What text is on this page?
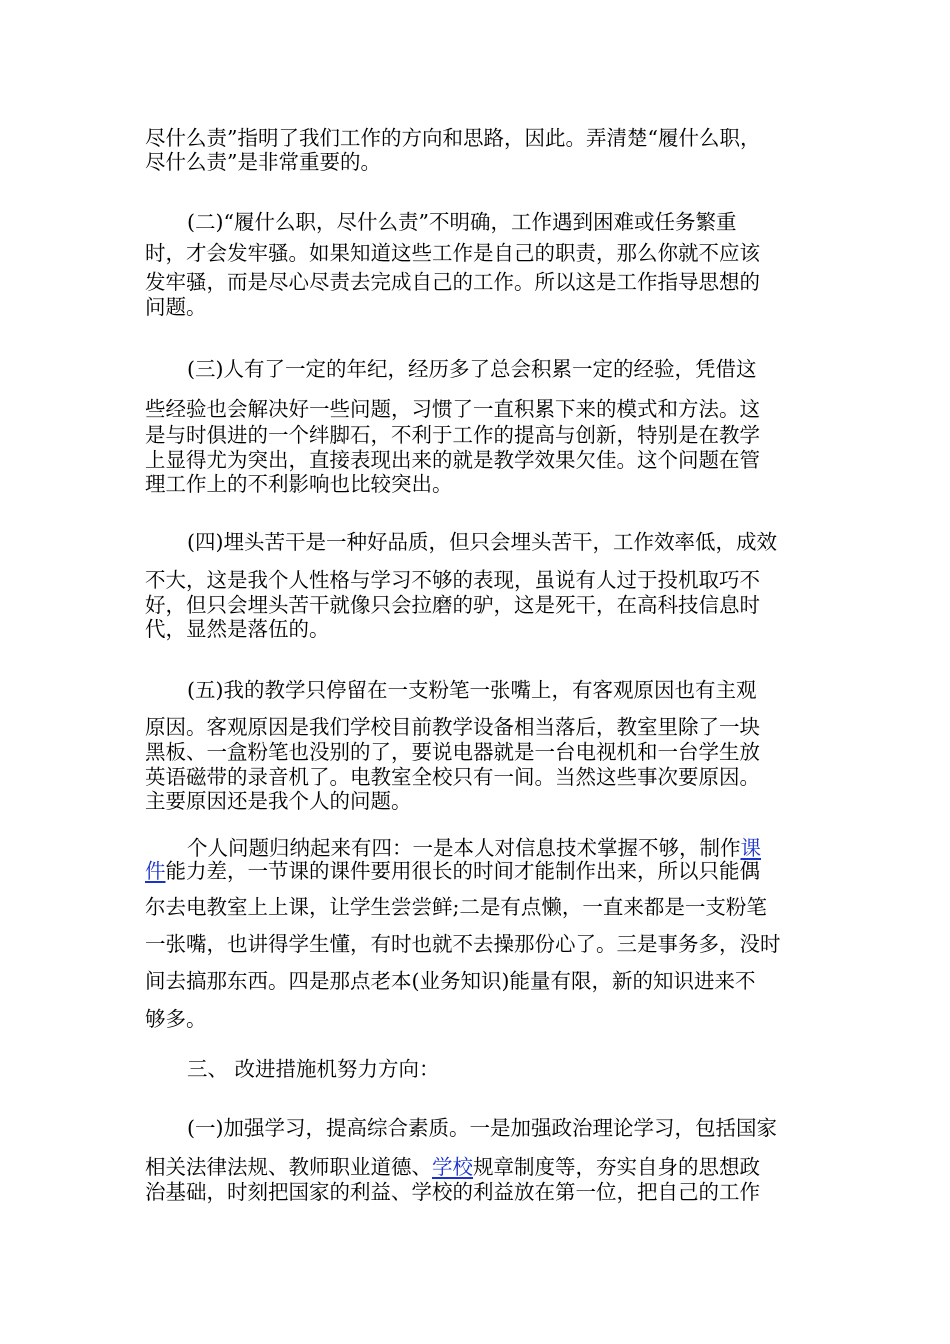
尽什么责”指明了我们工作的方向和思路，因此。弄清楚“履什么职，
尽什么责”是非常重要的。
(二)“履什么职，尽什么责”不明确，工作遇到困难或任务繁重
时，才会发牢骚。如果知道这些工作是自己的职责，那么你就不应该
发牢骚，而是尽心尽责去完成自己的工作。所以这是工作指导思想的
问题。
(三)人有了一定的年纪，经历多了总会积累一定的经验，凭借这
些经验也会解决好一些问题，习惯了一直积累下来的模式和方法。这
是与时俱进的一个绊脚石，不利于工作的提高与创新，特别是在教学
上显得尤为突出，直接表现出来的就是教学效果欠佳。这个问题在管
理工作上的不利影响也比较突出。
(四)埋头苦干是一种好品质，但只会埋头苦干，工作效率低，成效
不大，这是我个人性格与学习不够的表现，虽说有人过于投机取巧不
好，但只会埋头苦干就像只会拉磨的驴，这是死干，在高科技信息时
代，显然是落伍的。
(五)我的教学只停留在一支粉笔一张嘴上，有客观原因也有主观
原因。客观原因是我们学校目前教学设备相当落后，教室里除了一块
黑板、一盒粉笔也没别的了，要说电器就是一台电视机和一台学生放
英语磁带的录音机了。电教室全校只有一间。当然这些事次要原因。
主要原因还是我个人的问题。
个人问题归纳起来有四：一是本人对信息技术掌握不够，制作课
件能力差，一节课的课件要用很长的时间才能制作出来，所以只能偶
尔去电教室上上课，让学生尝尝鲜;二是有点懒，一直来都是一支粉笔
一张嘴，也讲得学生懂，有时也就不去操那份心了。三是事务多，没时
间去搞那东西。四是那点老本(业务知识)能量有限，新的知识进来不
够多。
三、 改进措施机努力方向：
(一)加强学习，提高综合素质。一是加强政治理论学习，包括国家
相关法律法规、教师职业道德、学校规章制度等，夯实自身的思想政
治基础，时刻把国家的利益、学校的利益放在第一位，把自己的工作
